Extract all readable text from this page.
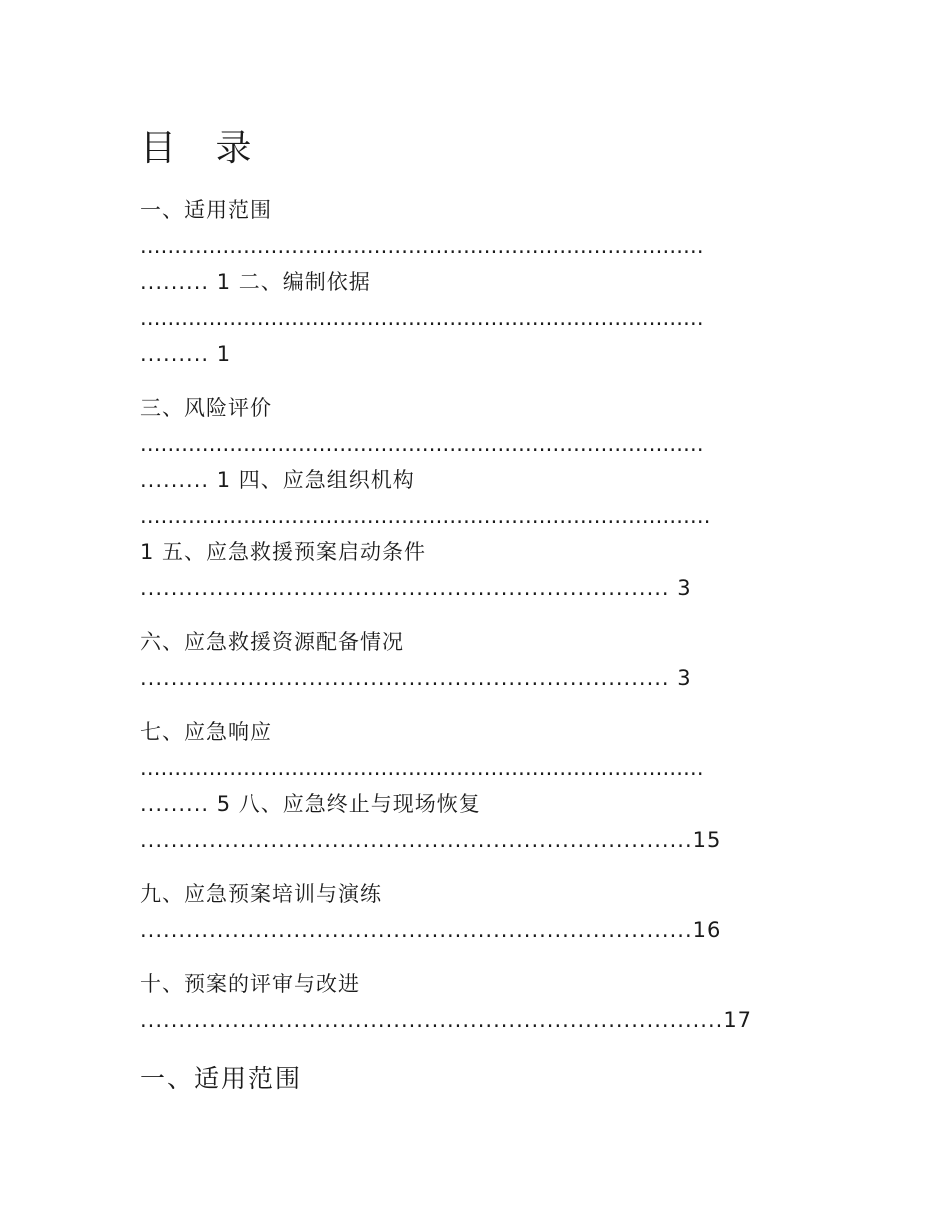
目 录
一、适用范围
..................................................................................
......... 1 二、编制依据
..................................................................................
......... 1
三、风险评价
..................................................................................
......... 1 四、应急组织机构
...................................................................................
1 五、应急救援预案启动条件
..................................................................... 3
六、应急救援资源配备情况
..................................................................... 3
七、应急响应
..................................................................................
......... 5 八、应急终止与现场恢复
........................................................................15
九、应急预案培训与演练
........................................................................16
十、预案的评审与改进
............................................................................17
一、适用范围
